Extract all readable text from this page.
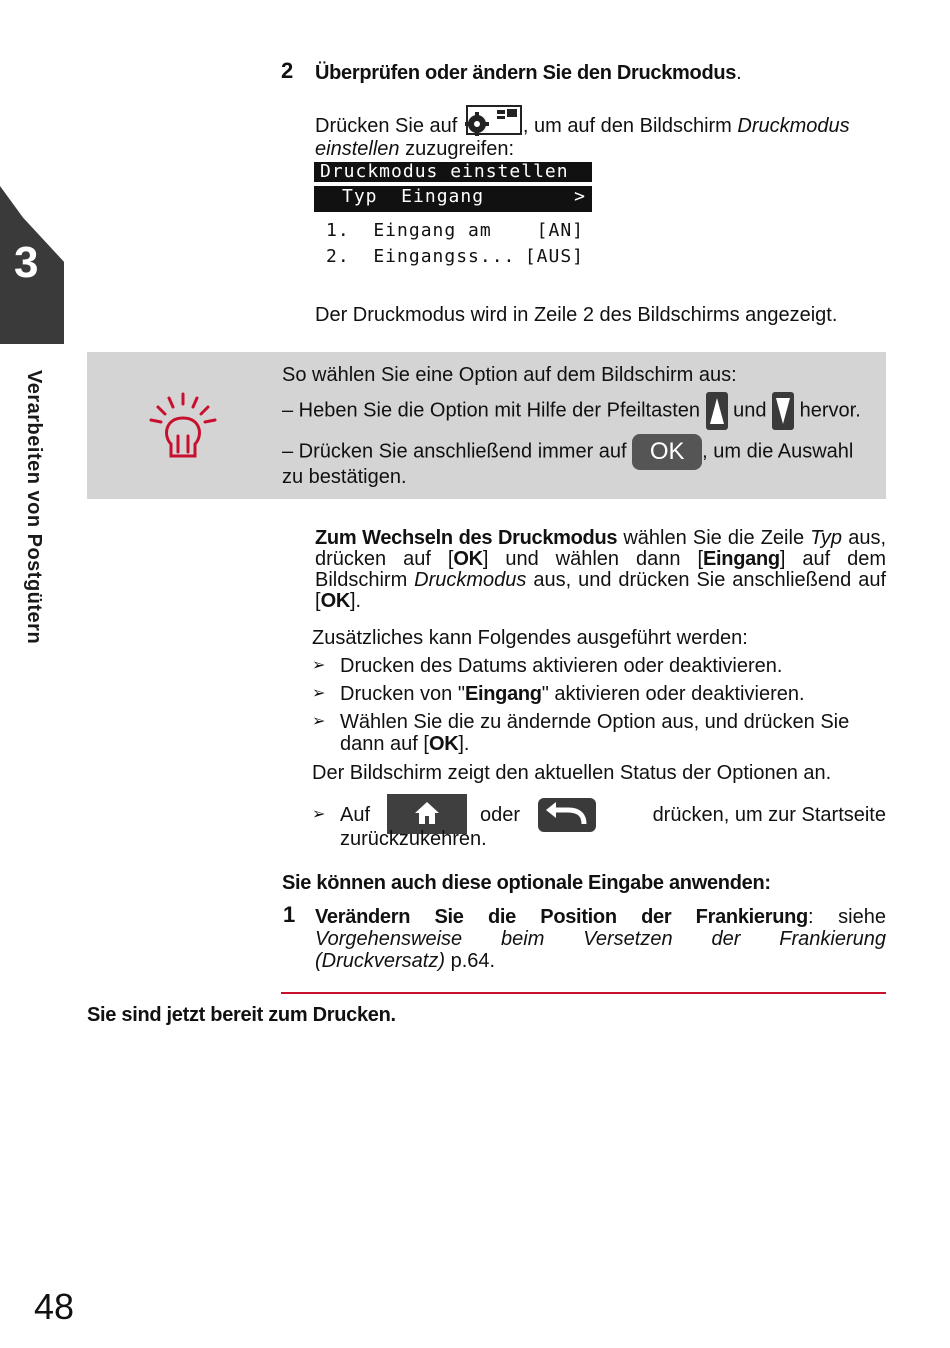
3
Verarbeiten von Postgütern
2 Überprüfen oder ändern Sie den Druckmodus.
Drücken Sie auf	, um auf den Bildschirm Druckmodus einstellen zuzugreifen:
Druckmodus einstellen
Typ  Eingang	>
1.  Eingang am [AN]
2.  Eingangss... [AUS]
Der Druckmodus wird in Zeile 2 des Bildschirms angezeigt.
So wählen Sie eine Option auf dem Bildschirm aus:
– Heben Sie die Option mit Hilfe der Pfeiltasten und hervor.
– Drücken Sie anschließend immer auf OK , um die Auswahl
zu bestätigen.
Zum Wechseln des Druckmodus wählen Sie die Zeile Typ aus, drücken auf [OK] und wählen dann [Eingang] auf dem Bildschirm Druckmodus aus, und drücken Sie anschließend auf [OK].
Zusätzliches kann Folgendes ausgeführt werden:
➢ Drucken des Datums aktivieren oder deaktivieren.
➢ Drucken von "Eingang" aktivieren oder deaktivieren.
➢ Wählen Sie die zu ändernde Option aus, und drücken Sie dann auf [OK].
Der Bildschirm zeigt den aktuellen Status der Optionen an.
➢ Auf	oder	drücken, um zur Startseite
zurückzukehren.
Sie können auch diese optionale Eingabe anwenden:
1 Verändern Sie die Position der Frankierung: siehe Vorgehensweise beim Versetzen der Frankierung (Druckversatz) p.64.
Sie sind jetzt bereit zum Drucken.
48
